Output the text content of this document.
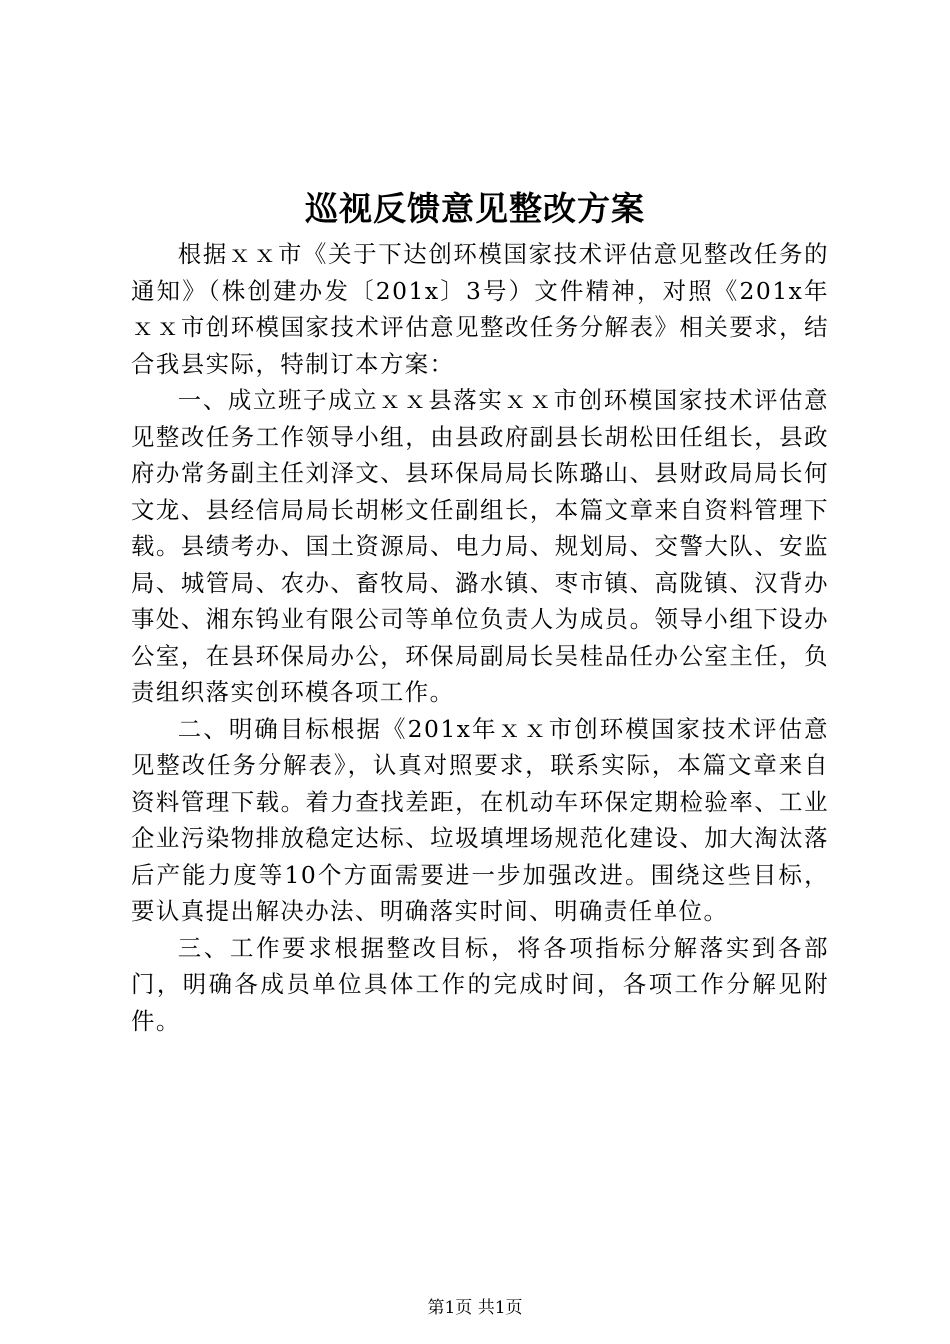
巡视反馈意见整改方案

根据ｘｘ市《关于下达创环模国家技术评估意见整改任务的通知》（株创建办发〔201x〕3号）文件精神，对照《201x年ｘｘ市创环模国家技术评估意见整改任务分解表》相关要求，结合我县实际，特制订本方案：

一、成立班子成立ｘｘ县落实ｘｘ市创环模国家技术评估意见整改任务工作领导小组，由县政府副县长胡松田任组长，县政府办常务副主任刘泽文、县环保局局长陈璐山、县财政局局长何文龙、县经信局局长胡彬文任副组长，本篇文章来自资料管理下载。县绩考办、国土资源局、电力局、规划局、交警大队、安监局、城管局、农办、畜牧局、潞水镇、枣市镇、高陇镇、汉背办事处、湘东钨业有限公司等单位负责人为成员。领导小组下设办公室，在县环保局办公，环保局副局长吴桂品任办公室主任，负责组织落实创环模各项工作。

二、明确目标根据《201x年ｘｘ市创环模国家技术评估意见整改任务分解表》，认真对照要求，联系实际，本篇文章来自资料管理下载。着力查找差距，在机动车环保定期检验率、工业企业污染物排放稳定达标、垃圾填埋场规范化建设、加大淘汰落后产能力度等10个方面需要进一步加强改进。围绕这些目标，要认真提出解决办法、明确落实时间、明确责任单位。

三、工作要求根据整改目标，将各项指标分解落实到各部门，明确各成员单位具体工作的完成时间，各项工作分解见附件。

第1页 共1页
